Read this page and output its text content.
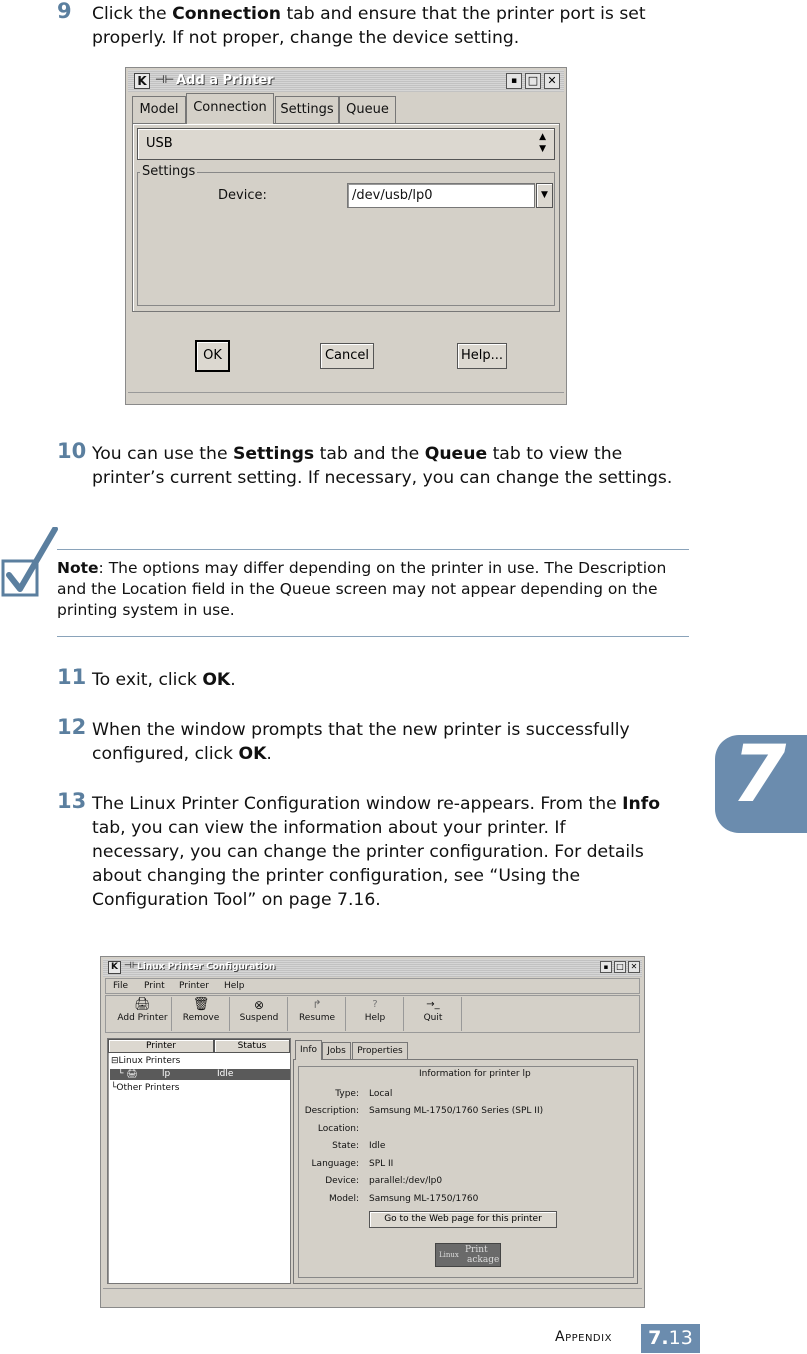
9 Click the Connection tab and ensure that the printer port is set properly. If not proper, change the device setting.
K ⊣⊢ Add a Printer	▪ □ ✕
Model	Connection	Settings Queue
USB	▲
▼
Settings
Device:	/dev/usb/lp0	▼
OK	Cancel	Help...
10 You can use the Settings tab and the Queue tab to view the printer’s current setting. If necessary, you can change the settings.
Note: The options may differ depending on the printer in use. The Description and the Location field in the Queue screen may not appear depending on the printing system in use.
11 To exit, click OK.
12 When the window prompts that the new printer is successfully configured, click OK.
13 The Linux Printer Configuration window re-appears. From the Info tab, you can view the information about your printer. If necessary, you can change the printer configuration. For details about changing the printer configuration, see “Using the Configuration Tool” on page 7.16.
7
K ⊣⊢
Linux Printer Configuration	▪ □ ✕
File Print Printer Help
🖨
Add Printer
🗑
Remove
⊗
Suspend
↱
Resume
?
Help
→_
Quit
Printer	Status
⊟Linux Printers
└ 🖨	lp	Idle
└Other Printers
Info	Jobs	Properties
Information for printer lp
Type: Local
Description: Samsung ML-1750/1760 Series (SPL II)
Location:
State: Idle
Language: SPL II
Device: parallel:/dev/lp0
Model: Samsung ML-1750/1760
Go to the Web page for this printer
Linux Print
ackage
Appendix	7.13
